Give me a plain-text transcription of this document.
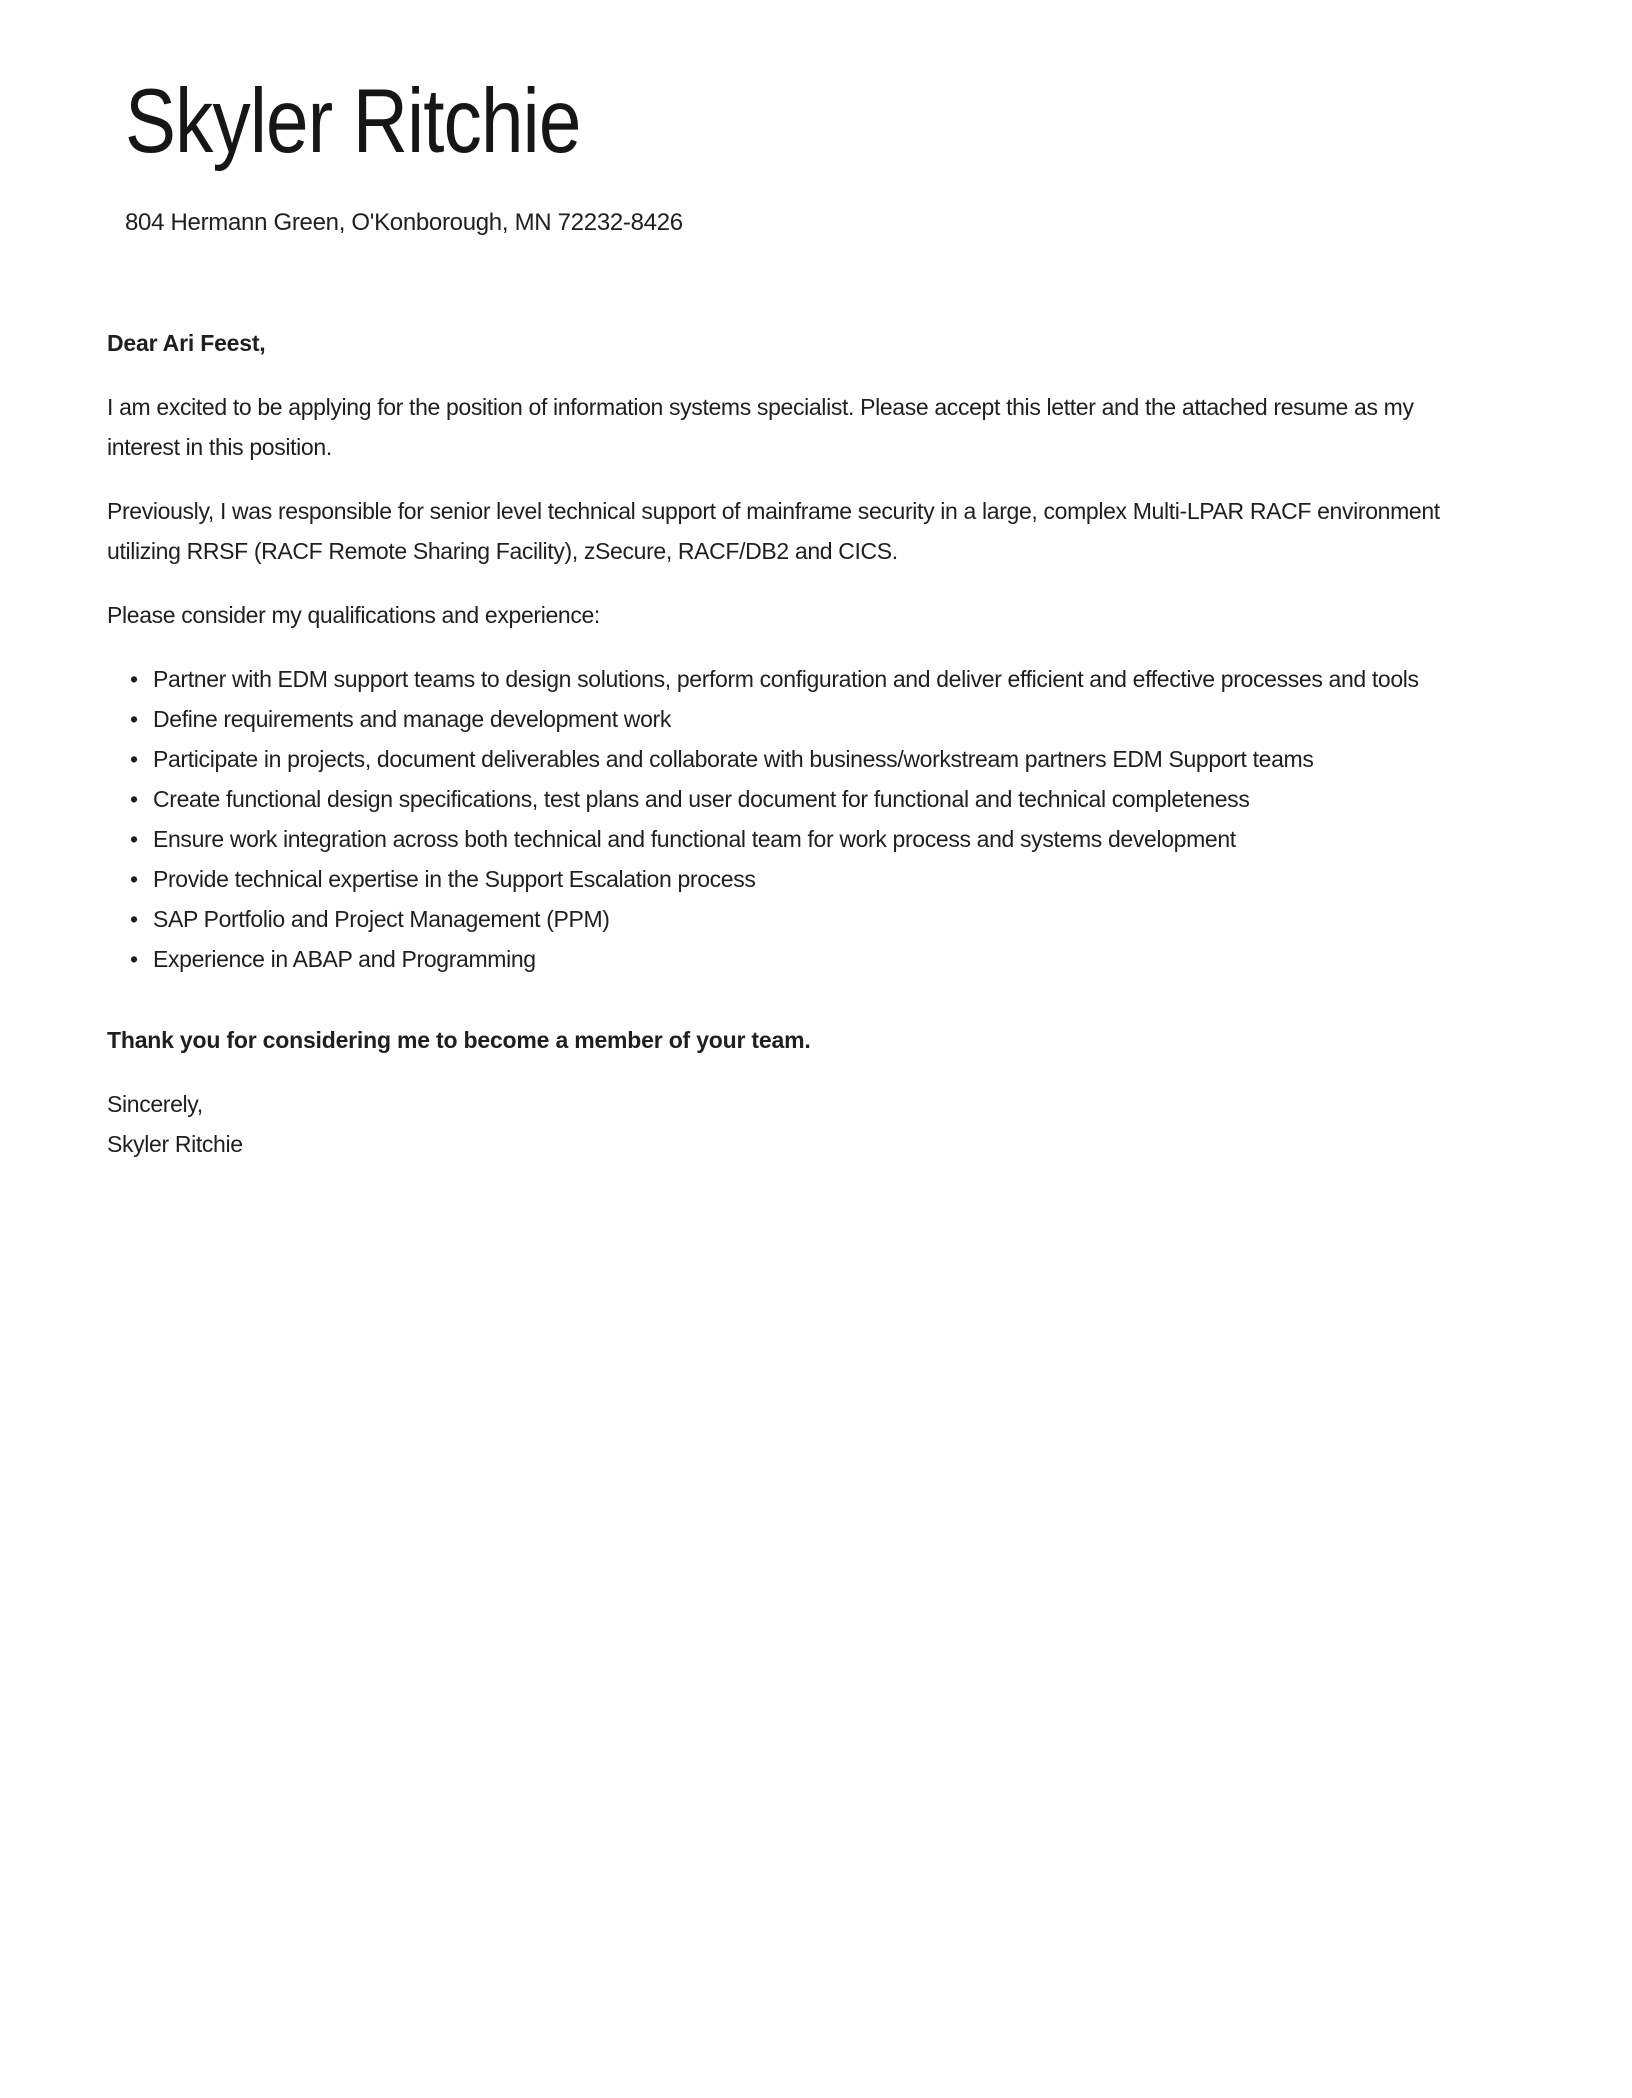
Skyler Ritchie

804 Hermann Green, O'Konborough, MN 72232-8426

Dear Ari Feest,

I am excited to be applying for the position of information systems specialist. Please accept this letter and the attached resume as my interest in this position.

Previously, I was responsible for senior level technical support of mainframe security in a large, complex Multi-LPAR RACF environment utilizing RRSF (RACF Remote Sharing Facility), zSecure, RACF/DB2 and CICS.

Please consider my qualifications and experience:

• Partner with EDM support teams to design solutions, perform configuration and deliver efficient and effective processes and tools
• Define requirements and manage development work
• Participate in projects, document deliverables and collaborate with business/workstream partners EDM Support teams
• Create functional design specifications, test plans and user document for functional and technical completeness
• Ensure work integration across both technical and functional team for work process and systems development
• Provide technical expertise in the Support Escalation process
• SAP Portfolio and Project Management (PPM)
• Experience in ABAP and Programming

Thank you for considering me to become a member of your team.

Sincerely,

Skyler Ritchie
